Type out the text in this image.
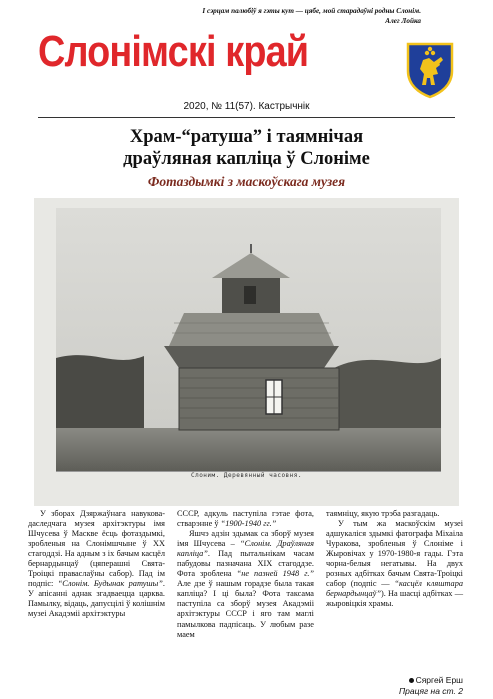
І сэрцам палюбіў я гэты кут — цябе, мой старадаўні родны Слонім.
Алег Лойка
Слонімскі край
2020, № 11(57). Кастрычнік
Храм-“ратуша” і таямнічая
драўляная капліца ў Слоніме
Фотаздымкі з маскоўскага музея
Слоним. Деревянный часовня.

У зборах Дзяржаўнага навукова-даследчага музея архітэктуры імя Шчусева ў Маскве ёсць фотаздымкі, зробленыя на Слонімшчыне ў ХХ стагоддзі. На адным з іх бачым касцёл бернардынцаў (цяперашні Свята-Троіцкі праваслаўны сабор). Пад ім подпіс: “Слонім. Будынак ратушы”. У апісанні аднак згадваецца царква. Памылку, відаць, дапусцілі ў колішнім музеі Акадэміі архітэктуры

СССР, адкуль паступіла гэтае фота, стварэнне ў “1900-1940 гг.”

Яшчэ адзін здымак са зборў музея імя Шчусева – “Слонім. Драўляная капліца”. Пад пытальнікам часам пабудовы пазначана ХІХ стагоддзе. Фота зроблена “не пазней 1948 г.” Але дзе ў нашым горадзе была такая капліца? І ці была? Фота таксама паступіла са зборў музея Акадэміі архітэктуры СССР і яго там маглі памылкова падпісаць. У любым разе маем

таямніцу, якую трэба разгадаць.

У тым жа маскоўскім музеі адшукаліся здымкі фатографа Міхаіла Чуракова, зробленыя ў Слоніме і Жыровічах у 1970-1980-я гады. Гэта чорна-белыя негатывы. На двух розных адбітках бачым Свята-Троіцкі сабор (подпіс — “касцёл кляштара бернардынцаў”). На шасці адбітках — жыровіцкія храмы.

Сяргей Ерш
Працяг на ст. 2
